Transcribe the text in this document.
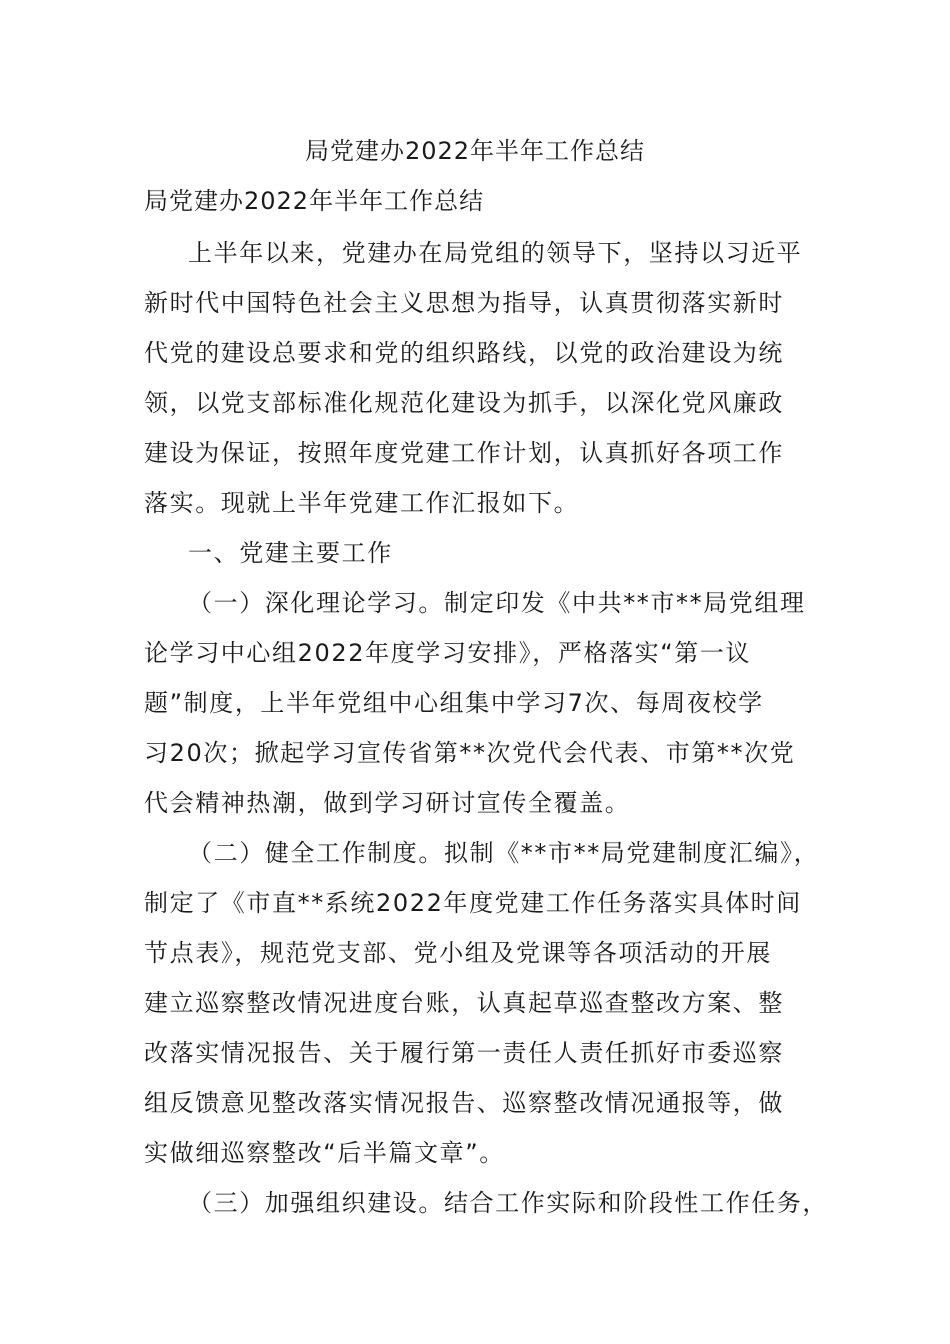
局党建办2022年半年工作总结
局党建办2022年半年工作总结
上半年以来，党建办在局党组的领导下，坚持以习近平
新时代中国特色社会主义思想为指导，认真贯彻落实新时
代党的建设总要求和党的组织路线，以党的政治建设为统
领，以党支部标准化规范化建设为抓手，以深化党风廉政
建设为保证，按照年度党建工作计划，认真抓好各项工作
落实。现就上半年党建工作汇报如下。
一、党建主要工作
（一）深化理论学习。制定印发《中共**市**局党组理
论学习中心组2022年度学习安排》，严格落实“第一议
题”制度，上半年党组中心组集中学习7次、每周夜校学
习20次；掀起学习宣传省第**次党代会代表、市第**次党
代会精神热潮，做到学习研讨宣传全覆盖。
（二）健全工作制度。拟制《**市**局党建制度汇编》，
制定了《市直**系统2022年度党建工作任务落实具体时间
节点表》，规范党支部、党小组及党课等各项活动的开展
建立巡察整改情况进度台账，认真起草巡查整改方案、整
改落实情况报告、关于履行第一责任人责任抓好市委巡察
组反馈意见整改落实情况报告、巡察整改情况通报等，做
实做细巡察整改“后半篇文章”。
（三）加强组织建设。结合工作实际和阶段性工作任务，
